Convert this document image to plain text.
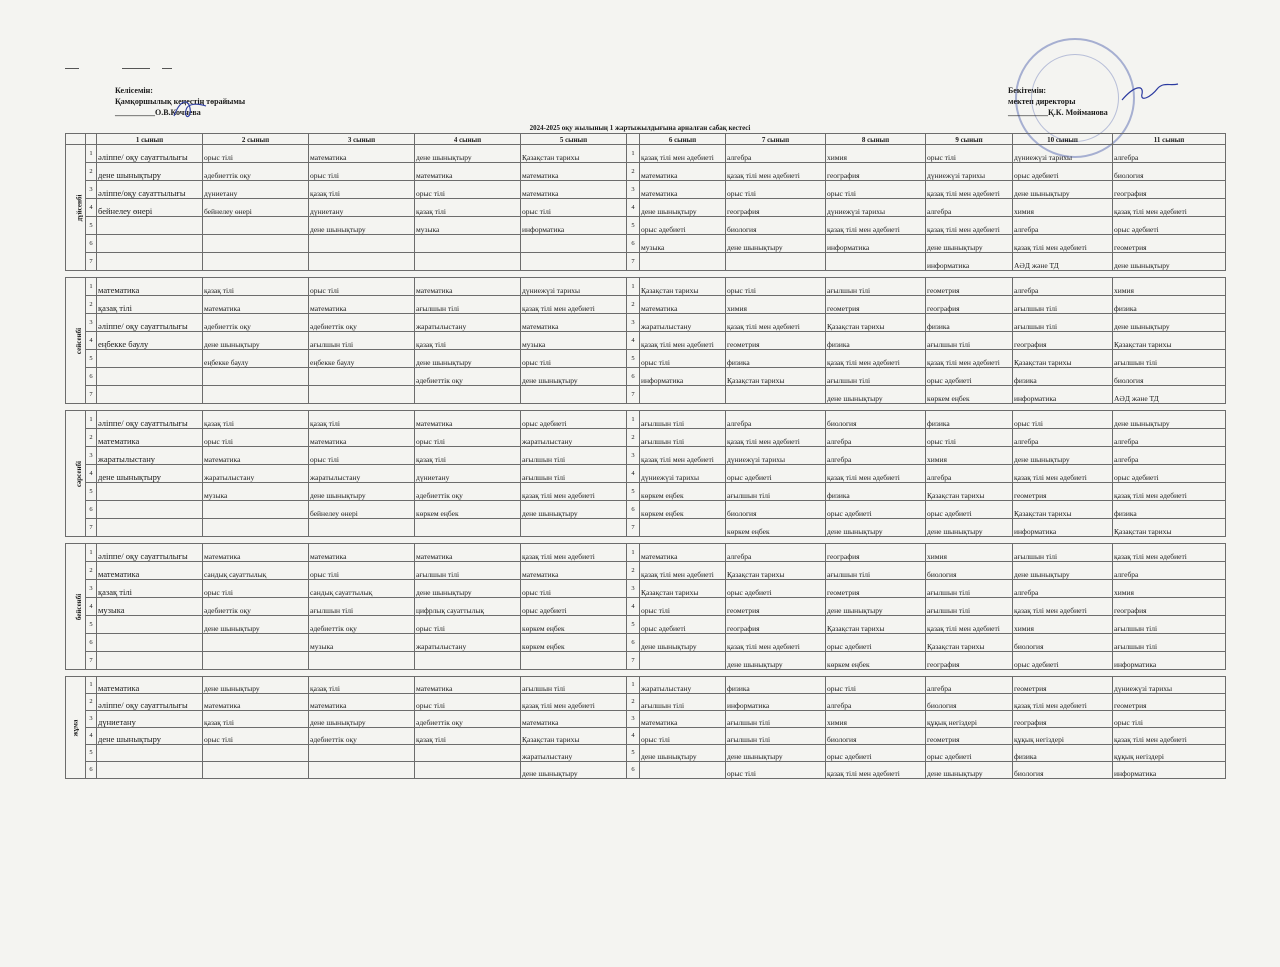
Келісемін:
Қамқоршылық кеңестің төрайымы
__________О.В.Кочнева
Бекітемін:
мектеп директоры
__________Қ.К. Мойманова
2024-2025 оқу жылының 1 жартыжылдығына арналған сабақ кестесі
		1 сынып	2 сынып	3 сынып	4 сынып	5 сынып		6 сынып	7 сынып	8 сынып	9 сынып	10 сынып	11 сынып
дүйсенбі	1	әліппе/ оқу сауаттылығы	орыс тілі	математика	дене шынықтыру	Қазақстан тарихы	1	қазақ тілі мен әдебиеті	алгебра	химия	орыс тілі	дүниежүзі тарихы	алгебра
	2	дене шынықтыру	әдебиеттік оқу	орыс тілі	математика	математика	2	математика	қазақ тілі мен әдебиеті	география	дүниежүзі тарихы	орыс әдебиеті	биология
	3	әліппе/оқу сауаттылығы	дүниетану	қазақ тілі	орыс тілі	математика	3	математика	орыс тілі	орыс тілі	қазақ тілі мен әдебиеті	дене шынықтыру	география
	4	бейнелеу өнері	бейнелеу өнері	дүниетану	қазақ тілі	орыс тілі	4	дене шынықтыру	география	дүниежүзі тарихы	алгебра	химия	қазақ тілі мен әдебиеті
	5			дене шынықтыру	музыка	информатика	5	орыс әдебиеті	биология	қазақ тілі мен әдебиеті	қазақ тілі мен әдебиеті	алгебра	орыс әдебиеті
	6						6	музыка	дене шынықтыру	информатика	дене шынықтыру	қазақ тілі мен әдебиеті	геометрия
	7						7				информатика	АӘД және ТД	дене шынықтыру

сейсенбі	1	математика	қазақ тілі	орыс тілі	математика	дүниежүзі тарихы	1	Қазақстан тарихы	орыс тілі	ағылшын тілі	геометрия	алгебра	химия
	2	қазақ тілі	математика	математика	ағылшын тілі	қазақ тілі мен әдебиеті	2	математика	химия	геометрия	география	ағылшын тілі	физика
	3	әліппе/ оқу сауаттылығы	әдебиеттік оқу	әдебиеттік оқу	жаратылыстану	математика	3	жаратылыстану	қазақ тілі мен әдебиеті	Қазақстан тарихы	физика	ағылшын тілі	дене шынықтыру
	4	еңбекке баулу	дене шынықтыру	ағылшын тілі	қазақ тілі	музыка	4	қазақ тілі мен әдебиеті	геометрия	физика	ағылшын тілі	география	Қазақстан тарихы
	5		еңбекке баулу	еңбекке баулу	дене шынықтыру	орыс тілі	5	орыс тілі	физика	қазақ тілі мен әдебиеті	қазақ тілі мен әдебиеті	Қазақстан тарихы	ағылшын тілі
	6				әдебиеттік оқу	дене шынықтыру	6	информатика	Қазақстан тарихы	ағылшын тілі	орыс әдебиеті	физика	биология
	7						7			дене шынықтыру	көркем еңбек	информатика	АӘД және ТД

сәрсенбі	1	әліппе/ оқу сауаттылығы	қазақ тілі	қазақ тілі	математика	орыс әдебиеті	1	ағылшын тілі	алгебра	биология	физика	орыс тілі	дене шынықтыру
	2	математика	орыс тілі	математика	орыс тілі	жаратылыстану	2	ағылшын тілі	қазақ тілі мен әдебиеті	алгебра	орыс тілі	алгебра	алгебра
	3	жаратылыстану	математика	орыс тілі	қазақ тілі	ағылшын тілі	3	қазақ тілі мен әдебиеті	дүниежүзі тарихы	алгебра	химия	дене шынықтыру	алгебра
	4	дене шынықтыру	жаратылыстану	жаратылыстану	дүниетану	ағылшын тілі	4	дүниежүзі тарихы	орыс әдебиеті	қазақ тілі мен әдебиеті	алгебра	қазақ тілі мен әдебиеті	орыс әдебиеті
	5		музыка	дене шынықтыру	әдебиеттік оқу	қазақ тілі мен әдебиеті	5	көркем еңбек	ағылшын тілі	физика	Қазақстан тарихы	геометрия	қазақ тілі мен әдебиеті
	6			бейнелеу өнері	көркем еңбек	дене шынықтыру	6	көркем еңбек	биология	орыс әдебиеті	орыс әдебиеті	Қазақстан тарихы	физика
	7						7		көркем еңбек	дене шынықтыру	дене шынықтыру	информатика	Қазақстан тарихы

бейсенбі	1	әліппе/ оқу сауаттылығы	математика	математика	математика	қазақ тілі мен әдебиеті	1	математика	алгебра	география	химия	ағылшын тілі	қазақ тілі мен әдебиеті
	2	математика	сандық сауаттылық	орыс тілі	ағылшын тілі	математика	2	қазақ тілі мен әдебиеті	Қазақстан тарихы	ағылшын тілі	биология	дене шынықтыру	алгебра
	3	қазақ тілі	орыс тілі	сандық сауаттылық	дене шынықтыру	орыс тілі	3	Қазақстан тарихы	орыс әдебиеті	геометрия	ағылшын тілі	алгебра	химия
	4	музыка	әдебиеттік оқу	ағылшын тілі	цифрлық сауаттылық	орыс әдебиеті	4	орыс тілі	геометрия	дене шынықтыру	ағылшын тілі	қазақ тілі мен әдебиеті	география
	5		дене шынықтыру	әдебиеттік оқу	орыс тілі	көркем еңбек	5	орыс әдебиеті	география	Қазақстан тарихы	қазақ тілі мен әдебиеті	химия	ағылшын тілі
	6			музыка	жаратылыстану	көркем еңбек	6	дене шынықтыру	қазақ тілі мен әдебиеті	орыс әдебиеті	Қазақстан тарихы	биология	ағылшын тілі
	7						7		дене шынықтыру	көркем еңбек	география	орыс әдебиеті	информатика

жұма	1	математика	дене шынықтыру	қазақ тілі	математика	ағылшын тілі	1	жаратылыстану	физика	орыс тілі	алгебра	геометрия	дүниежүзі тарихы
	2	әліппе/ оқу сауаттылығы	математика	математика	орыс тілі	қазақ тілі мен әдебиеті	2	ағылшын тілі	информатика	алгебра	биология	қазақ тілі мен әдебиеті	геометрия
	3	дүниетану	қазақ тілі	дене шынықтыру	әдебиеттік оқу	математика	3	математика	ағылшын тілі	химия	құқық негіздері	география	орыс тілі
	4	дене шынықтыру	орыс тілі	әдебиеттік оқу	қазақ тілі	Қазақстан тарихы	4	орыс тілі	ағылшын тілі	биология	геометрия	құқық негіздері	қазақ тілі мен әдебиеті
	5					жаратылыстану	5	дене шынықтыру	дене шынықтыру	орыс әдебиеті	орыс әдебиеті	физика	құқық негіздері
	6					дене шынықтыру	6		орыс тілі	қазақ тілі мен әдебиеті	дене шынықтыру	биология	информатика
